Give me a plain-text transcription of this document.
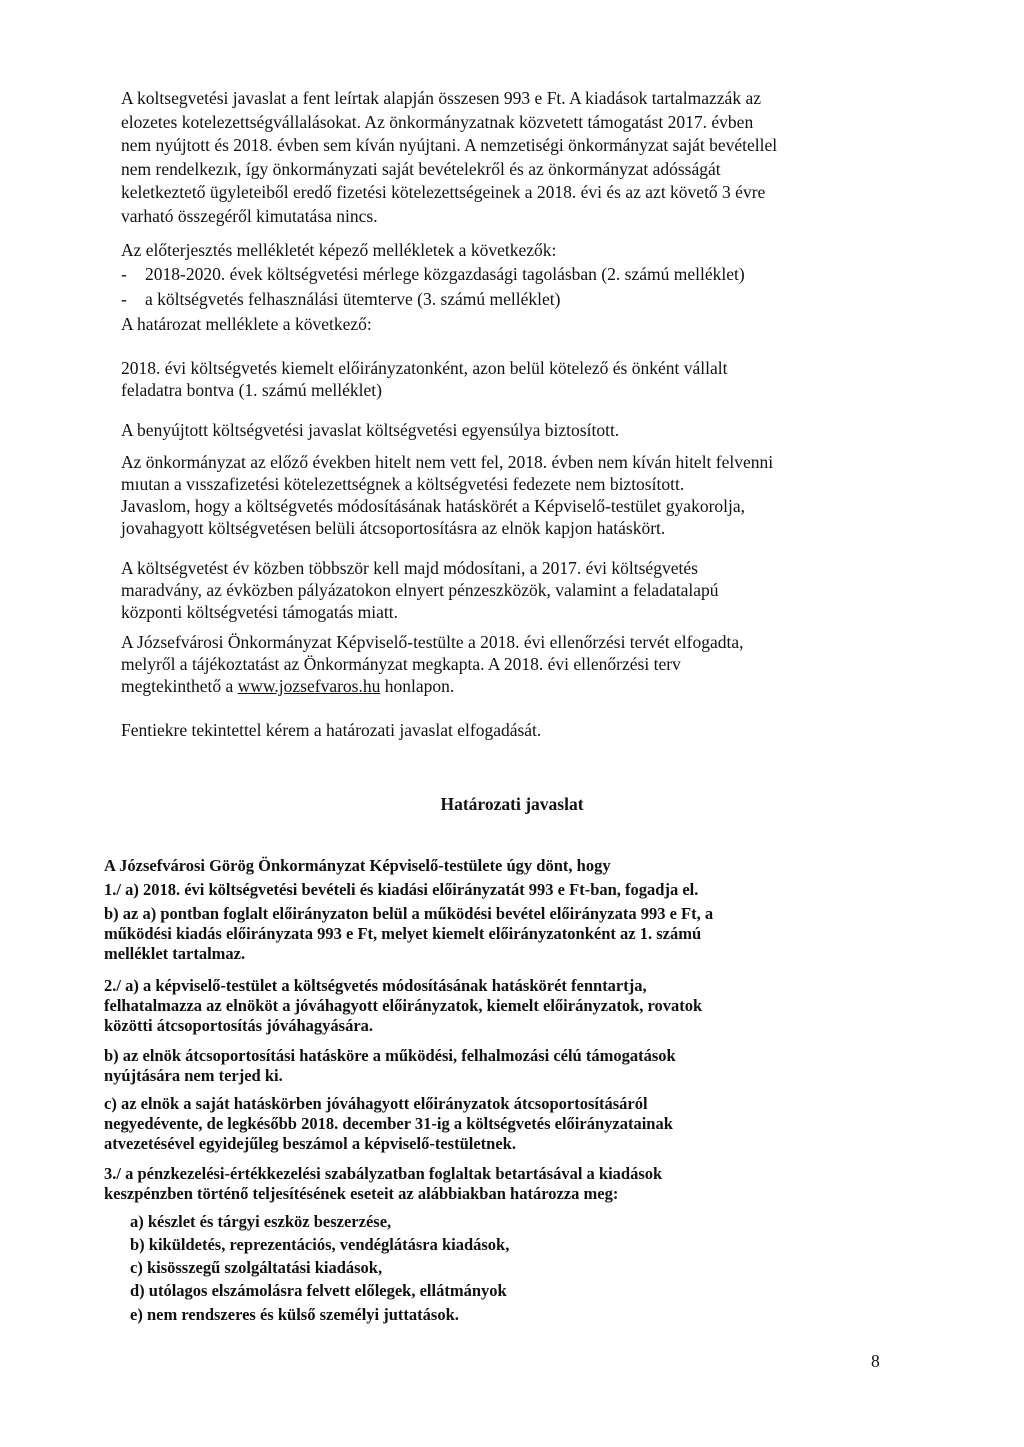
A koltsegvetési javaslat a fent leírtak alapján összesen 993 e Ft. A kiadások tartalmazzák az
elozetes kotelezettségvállalásokat. Az önkormányzatnak közvetett támogatást 2017. évben
nem nyújtott és 2018. évben sem kíván nyújtani. A nemzetiségi önkormányzat saját bevétellel
nem rendelkezık, így önkormányzati saját bevételekről és az önkormányzat adósságát
keletkeztető ügyleteiből eredő fizetési kötelezettségeinek a 2018. évi és az azt követő 3 évre
varható összegéről kimutatása nincs.
Az előterjesztés mellékletét képező mellékletek a következők:
- 2018-2020. évek költségvetési mérlege közgazdasági tagolásban (2. számú melléklet)
- a költségvetés felhasználási ütemterve (3. számú melléklet)
A határozat melléklete a következő:
2018. évi költségvetés kiemelt előirányzatonként, azon belül kötelező és önként vállalt
feladatra bontva (1. számú melléklet)
A benyújtott költségvetési javaslat költségvetési egyensúlya biztosított.
Az önkormányzat az előző években hitelt nem vett fel, 2018. évben nem kíván hitelt felvenni
mıutan a vısszafizetési kötelezettségnek a költségvetési fedezete nem biztosított.
Javaslom, hogy a költségvetés módosításának hatáskörét a Képviselő-testület gyakorolja,
jovahagyott költségvetésen belüli átcsoportosításra az elnök kapjon hatáskört.
A költségvetést év közben többször kell majd módosítani, a 2017. évi költségvetés
maradvány, az évközben pályázatokon elnyert pénzeszközök, valamint a feladatalapú
központi költségvetési támogatás miatt.
A Józsefvárosi Önkormányzat Képviselő-testülte a 2018. évi ellenőrzési tervét elfogadta,
melyről a tájékoztatást az Önkormányzat megkapta. A 2018. évi ellenőrzési terv
megtekinthető a www.jozsefvaros.hu honlapon.
Fentiekre tekintettel kérem a határozati javaslat elfogadását.
Határozati javaslat
A Józsefvárosi Görög Önkormányzat Képviselő-testülete úgy dönt, hogy
1./ a) 2018. évi költségvetési bevételi és kiadási előirányzatát 993 e Ft-ban, fogadja el.
b) az a) pontban foglalt előirányzaton belül a működési bevétel előirányzata 993 e Ft, a
működési kiadás előirányzata 993 e Ft, melyet kiemelt előirányzatonként az 1. számú
melléklet tartalmaz.
2./ a) a képviselő-testület a költségvetés módosításának hatáskörét fenntartja,
felhatalmazza az elnököt a jóváhagyott előirányzatok, kiemelt előirányzatok, rovatok
közötti átcsoportosítás jóváhagyására.
b) az elnök átcsoportosítási hatásköre a működési, felhalmozási célú támogatások
nyújtására nem terjed ki.
c) az elnök a saját hatáskörben jóváhagyott előirányzatok átcsoportosításáról
negyedévente, de legkésőbb 2018. december 31-ig a költségvetés előirányzatainak
atvezetésével egyidejűleg beszámol a képviselő-testületnek.
3./ a pénzkezelési-értékkezelési szabályzatban foglaltak betartásával a kiadások
keszpénzben történő teljesítésének eseteit az alábbiakban határozza meg:
a) készlet és tárgyi eszköz beszerzése,
b) kiküldetés, reprezentációs, vendéglátásra kiadások,
c) kisösszegű szolgáltatási kiadások,
d) utólagos elszámolásra felvett előlegek, ellátmányok
e) nem rendszeres és külső személyi juttatások.
8
